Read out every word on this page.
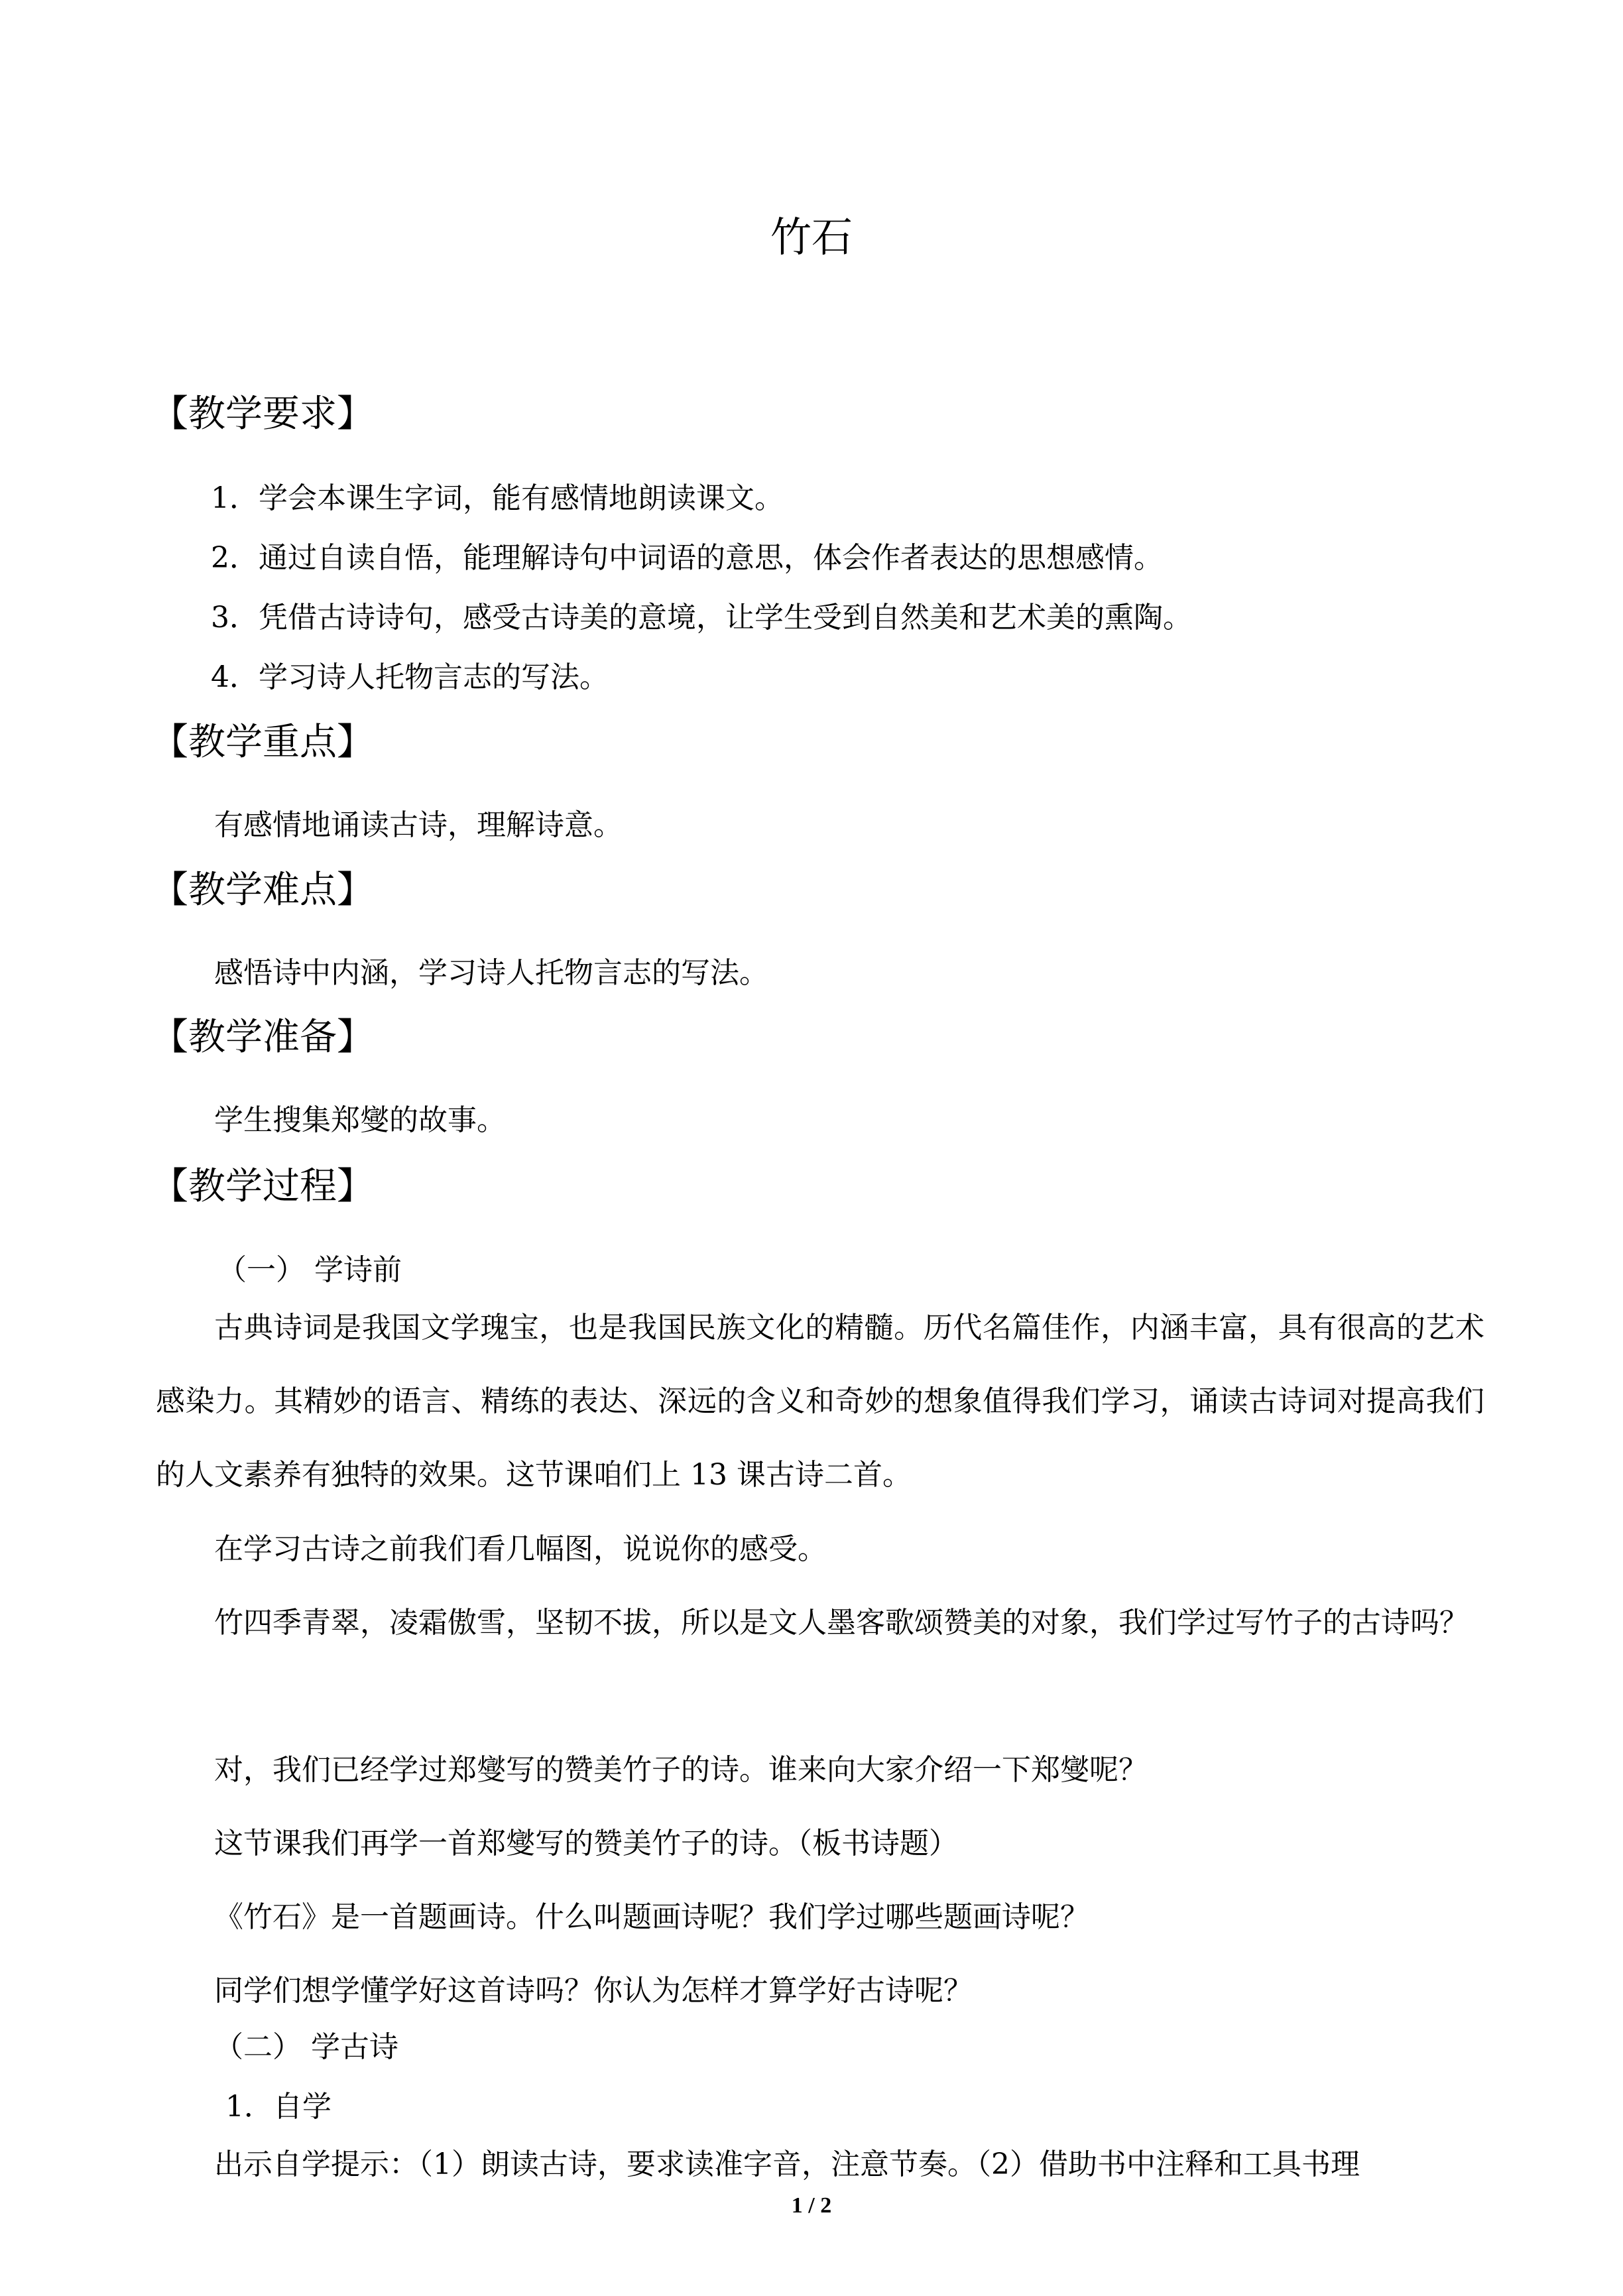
竹石
【教学要求】
1．学会本课生字词，能有感情地朗读课文。
2．通过自读自悟，能理解诗句中词语的意思，体会作者表达的思想感情。
3．凭借古诗诗句，感受古诗美的意境，让学生受到自然美和艺术美的熏陶。
4．学习诗人托物言志的写法。
【教学重点】
有感情地诵读古诗，理解诗意。
【教学难点】
感悟诗中内涵，学习诗人托物言志的写法。
【教学准备】
学生搜集郑燮的故事。
【教学过程】
（一） 学诗前
古典诗词是我国文学瑰宝，也是我国民族文化的精髓。历代名篇佳作，内涵丰富，具有很高的艺术感染力。其精妙的语言、精练的表达、深远的含义和奇妙的想象值得我们学习，诵读古诗词对提高我们的人文素养有独特的效果。这节课咱们上 13 课古诗二首。
在学习古诗之前我们看几幅图，说说你的感受。
竹四季青翠，凌霜傲雪，坚韧不拔，所以是文人墨客歌颂赞美的对象，我们学过写竹子的古诗吗？
对，我们已经学过郑燮写的赞美竹子的诗。谁来向大家介绍一下郑燮呢？
这节课我们再学一首郑燮写的赞美竹子的诗。（板书诗题）
《竹石》是一首题画诗。什么叫题画诗呢？我们学过哪些题画诗呢？
同学们想学懂学好这首诗吗？你认为怎样才算学好古诗呢？
（二） 学古诗
1．自学
出示自学提示：（1）朗读古诗，要求读准字音，注意节奏。（2）借助书中注释和工具书理
1 / 2
